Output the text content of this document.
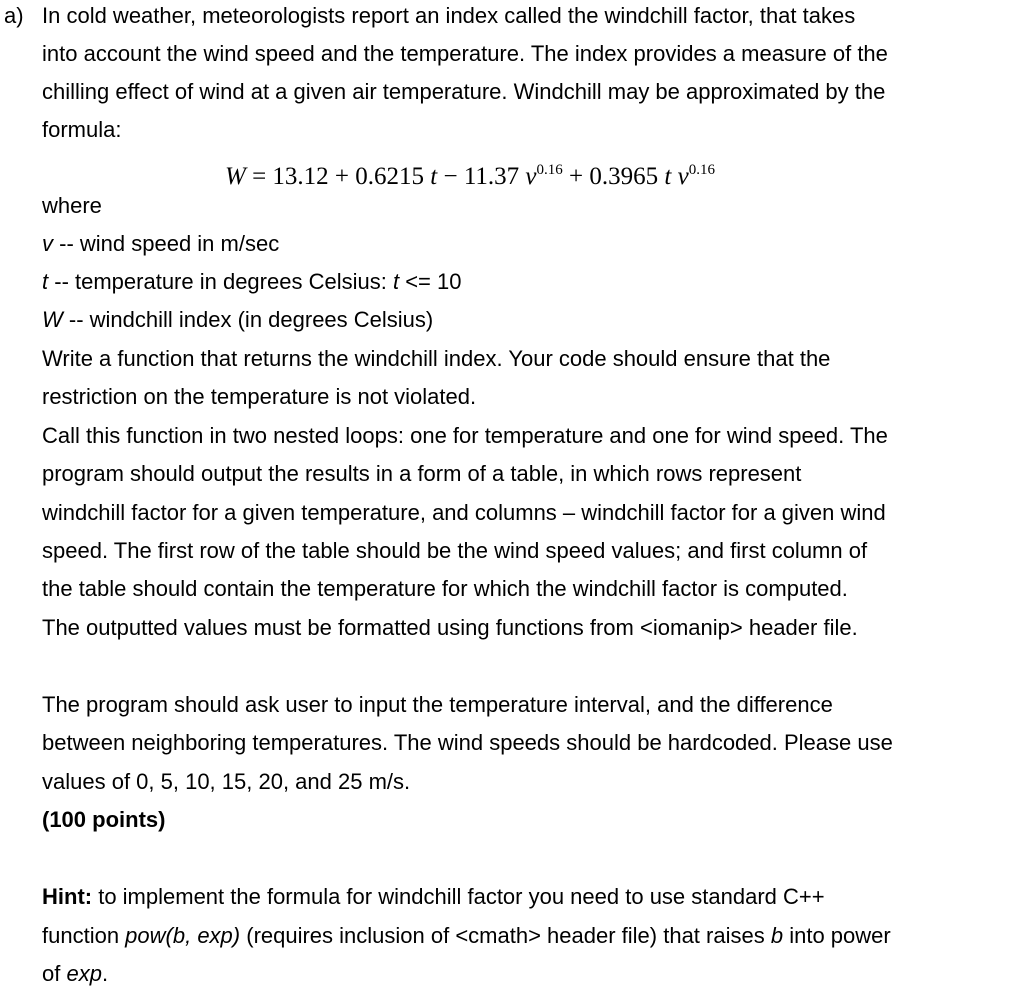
a) In cold weather, meteorologists report an index called the windchill factor, that takes
into account the wind speed and the temperature. The index provides a measure of the
chilling effect of wind at a given air temperature. Windchill may be approximated by the
formula:
W = 13.12 + 0.6215 t − 11.37 $v^{0.16} + 0.3965$ t $v^{0.16}$
where
v -- wind speed in m/sec
t -- temperature in degrees Celsius: t <= 10
W -- windchill index (in degrees Celsius)
Write a function that returns the windchill index. Your code should ensure that the
restriction on the temperature is not violated.
Call this function in two nested loops: one for temperature and one for wind speed. The
program should output the results in a form of a table, in which rows represent
windchill factor for a given temperature, and columns – windchill factor for a given wind
speed. The first row of the table should be the wind speed values; and first column of
the table should contain the temperature for which the windchill factor is computed.
The outputted values must be formatted using functions from <iomanip> header file.
The program should ask user to input the temperature interval, and the difference
between neighboring temperatures. The wind speeds should be hardcoded. Please use
values of 0, 5, 10, 15, 20, and 25 m/s.
(100 points)
Hint: to implement the formula for windchill factor you need to use standard C++
function pow(b, exp) (requires inclusion of <cmath> header file) that raises b into power
of exp.
